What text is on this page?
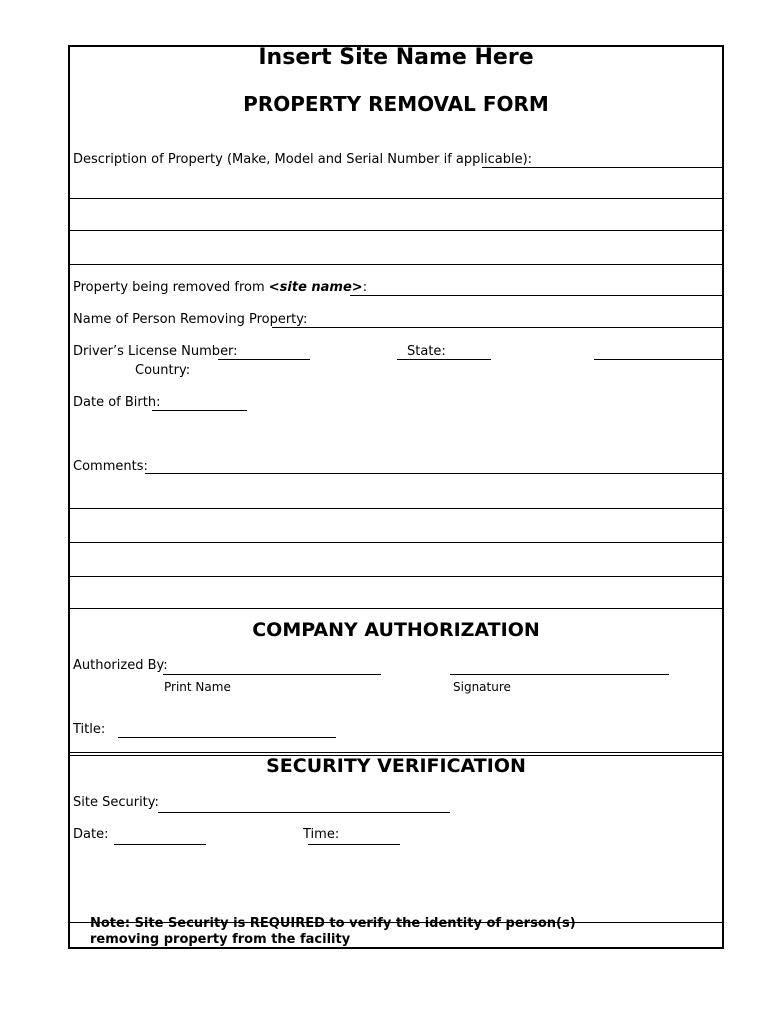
Insert Site Name Here
PROPERTY REMOVAL FORM
Description of Property (Make, Model and Serial Number if applicable):
Property being removed from <site name>:
Name of Person Removing Property:
Driver’s License Number:	State:
Country:
Date of Birth:
Comments:
COMPANY AUTHORIZATION
Authorized By:
Print Name	Signature
Title:
SECURITY VERIFICATION
Site Security:
Date:	Time:
Note: Site Security is REQUIRED to verify the identity of person(s)
removing property from the facility
